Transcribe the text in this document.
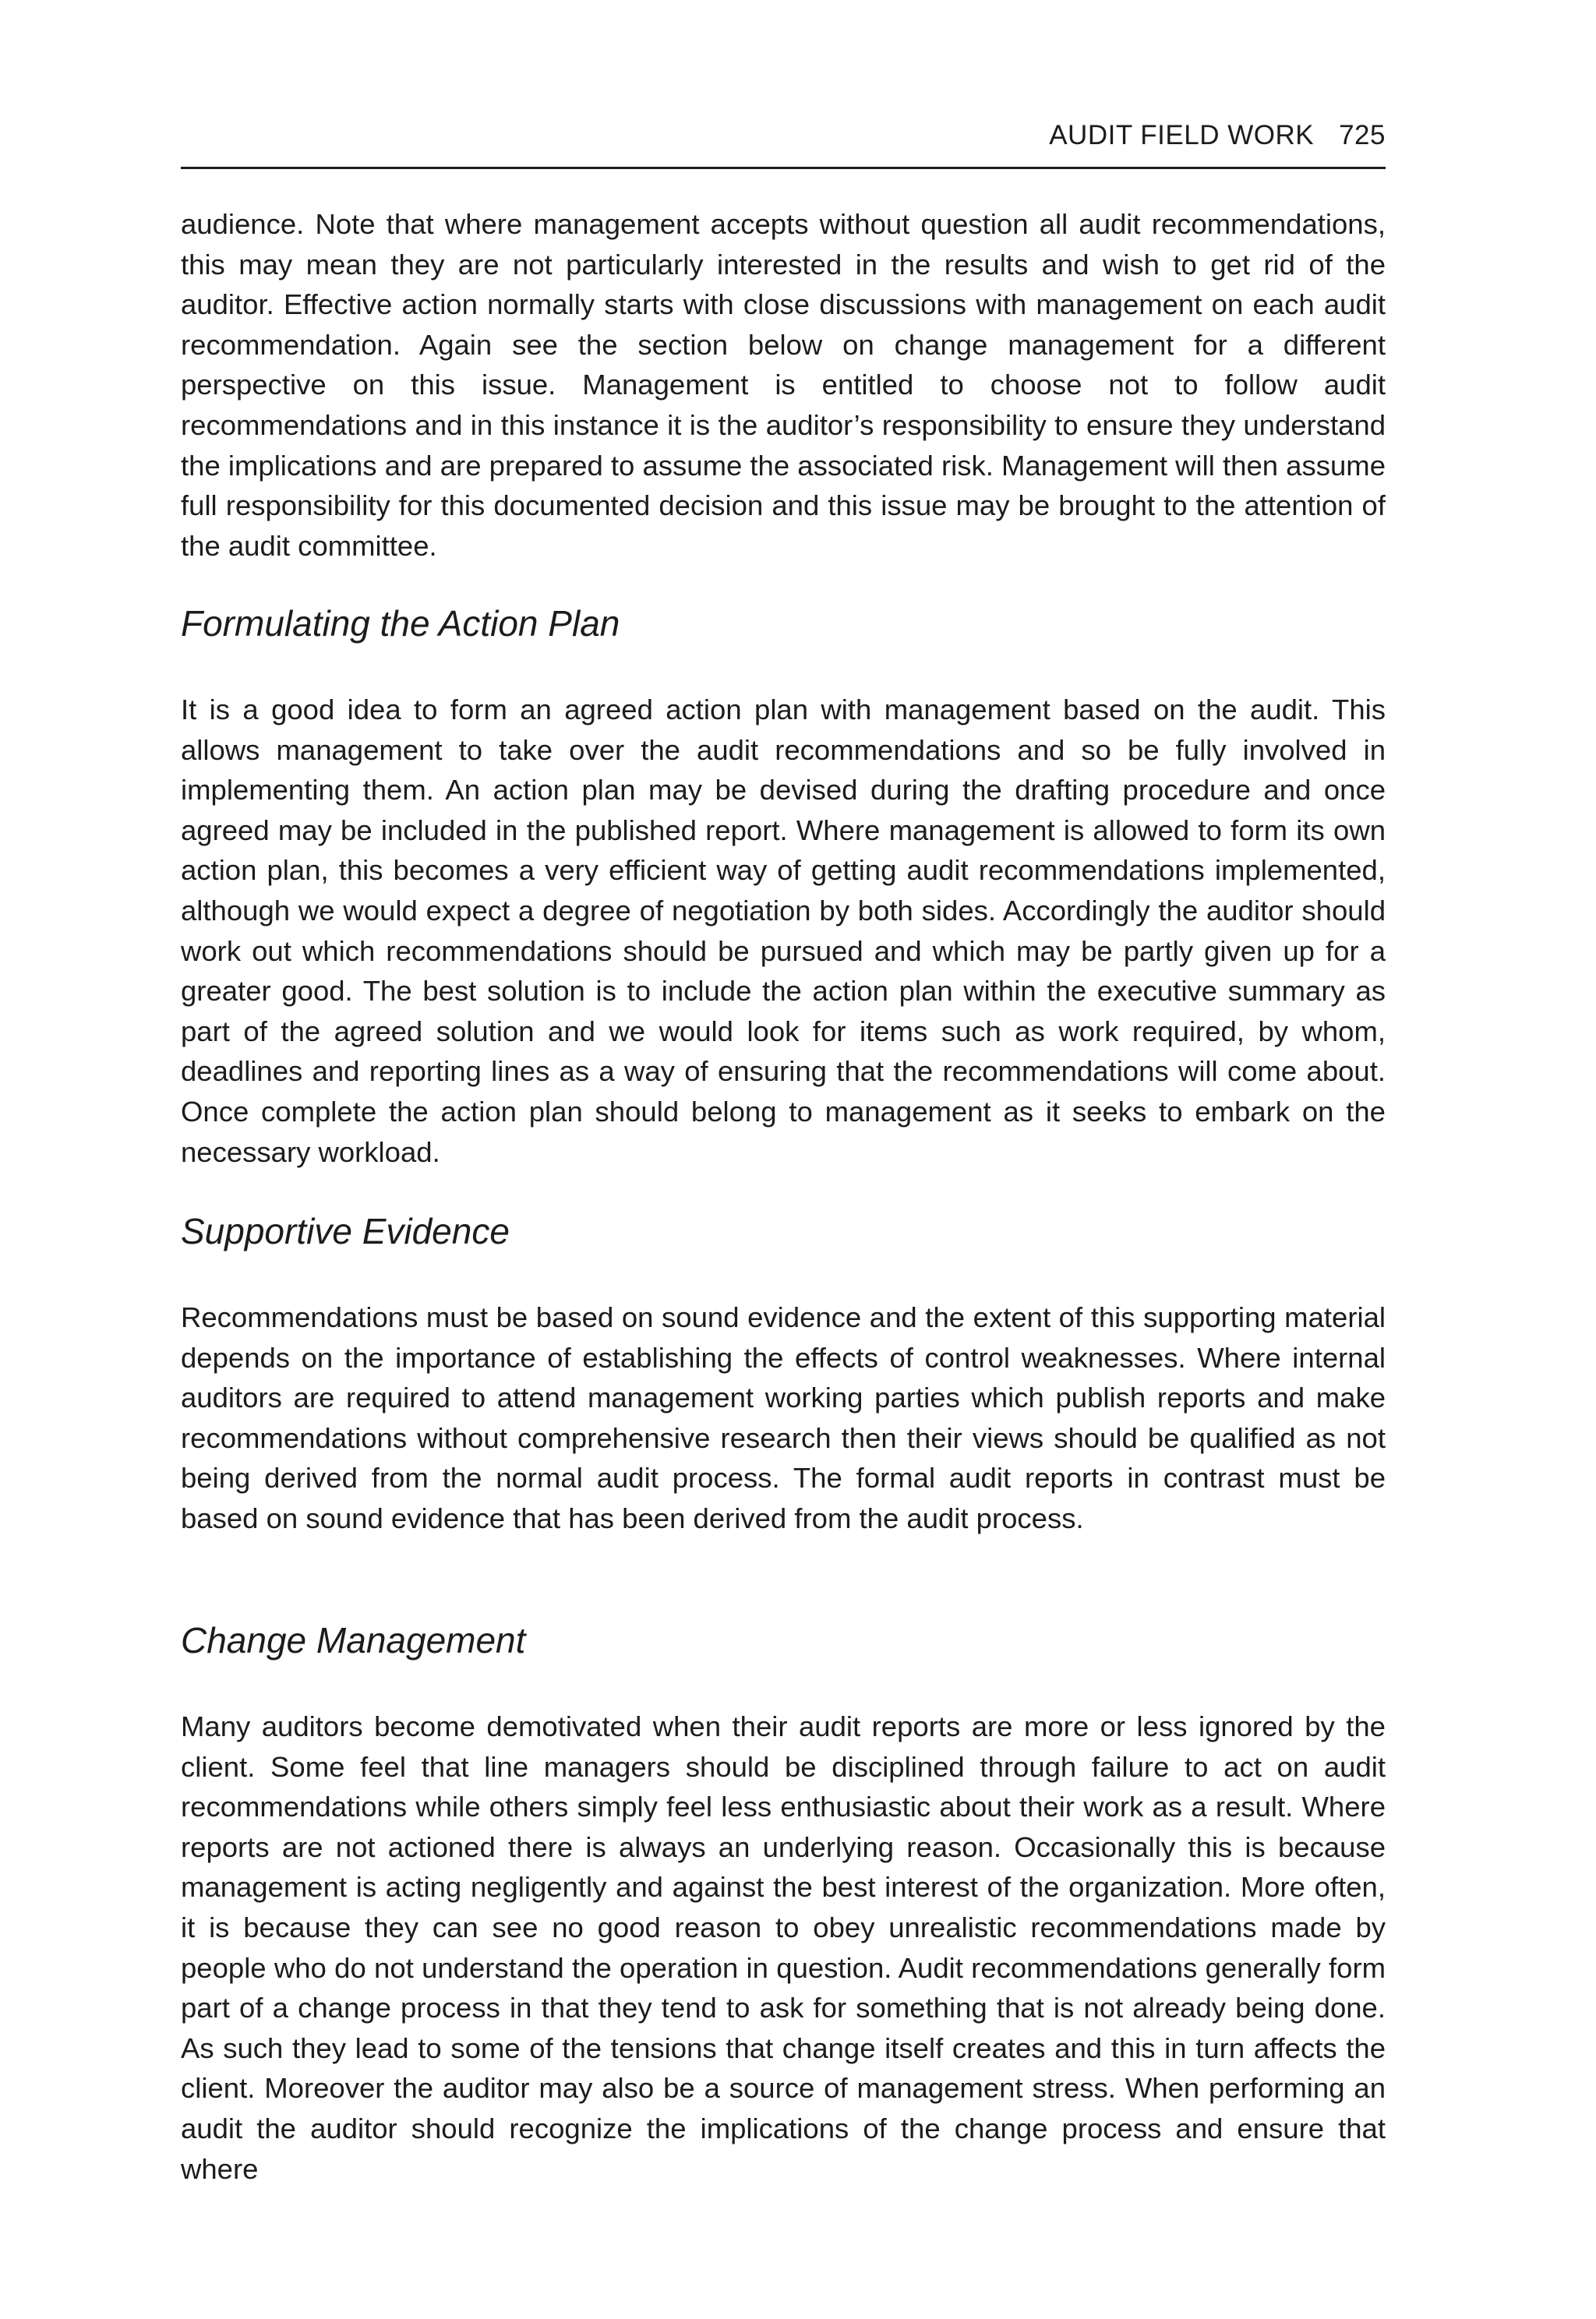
AUDIT FIELD WORK 725

audience. Note that where management accepts without question all audit recommendations, this may mean they are not particularly interested in the results and wish to get rid of the auditor. Effective action normally starts with close discussions with management on each audit recommendation. Again see the section below on change management for a different perspective on this issue. Management is entitled to choose not to follow audit recommendations and in this instance it is the auditor’s responsibility to ensure they understand the implications and are prepared to assume the associated risk. Management will then assume full responsibility for this documented decision and this issue may be brought to the attention of the audit committee.

Formulating the Action Plan

It is a good idea to form an agreed action plan with management based on the audit. This allows management to take over the audit recommendations and so be fully involved in implementing them. An action plan may be devised during the drafting procedure and once agreed may be included in the published report. Where management is allowed to form its own action plan, this becomes a very efficient way of getting audit recommendations implemented, although we would expect a degree of negotiation by both sides. Accordingly the auditor should work out which recommendations should be pursued and which may be partly given up for a greater good. The best solution is to include the action plan within the executive summary as part of the agreed solution and we would look for items such as work required, by whom, deadlines and reporting lines as a way of ensuring that the recommendations will come about. Once complete the action plan should belong to management as it seeks to embark on the necessary workload.

Supportive Evidence

Recommendations must be based on sound evidence and the extent of this supporting material depends on the importance of establishing the effects of control weaknesses. Where internal auditors are required to attend management working parties which publish reports and make recommendations without comprehensive research then their views should be qualified as not being derived from the normal audit process. The formal audit reports in contrast must be based on sound evidence that has been derived from the audit process.

Change Management

Many auditors become demotivated when their audit reports are more or less ignored by the client. Some feel that line managers should be disciplined through failure to act on audit recommendations while others simply feel less enthusiastic about their work as a result. Where reports are not actioned there is always an underlying reason. Occasionally this is because management is acting negligently and against the best interest of the organization. More often, it is because they can see no good reason to obey unrealistic recommendations made by people who do not understand the operation in question. Audit recommendations generally form part of a change process in that they tend to ask for something that is not already being done. As such they lead to some of the tensions that change itself creates and this in turn affects the client. Moreover the auditor may also be a source of management stress. When performing an audit the auditor should recognize the implications of the change process and ensure that where
